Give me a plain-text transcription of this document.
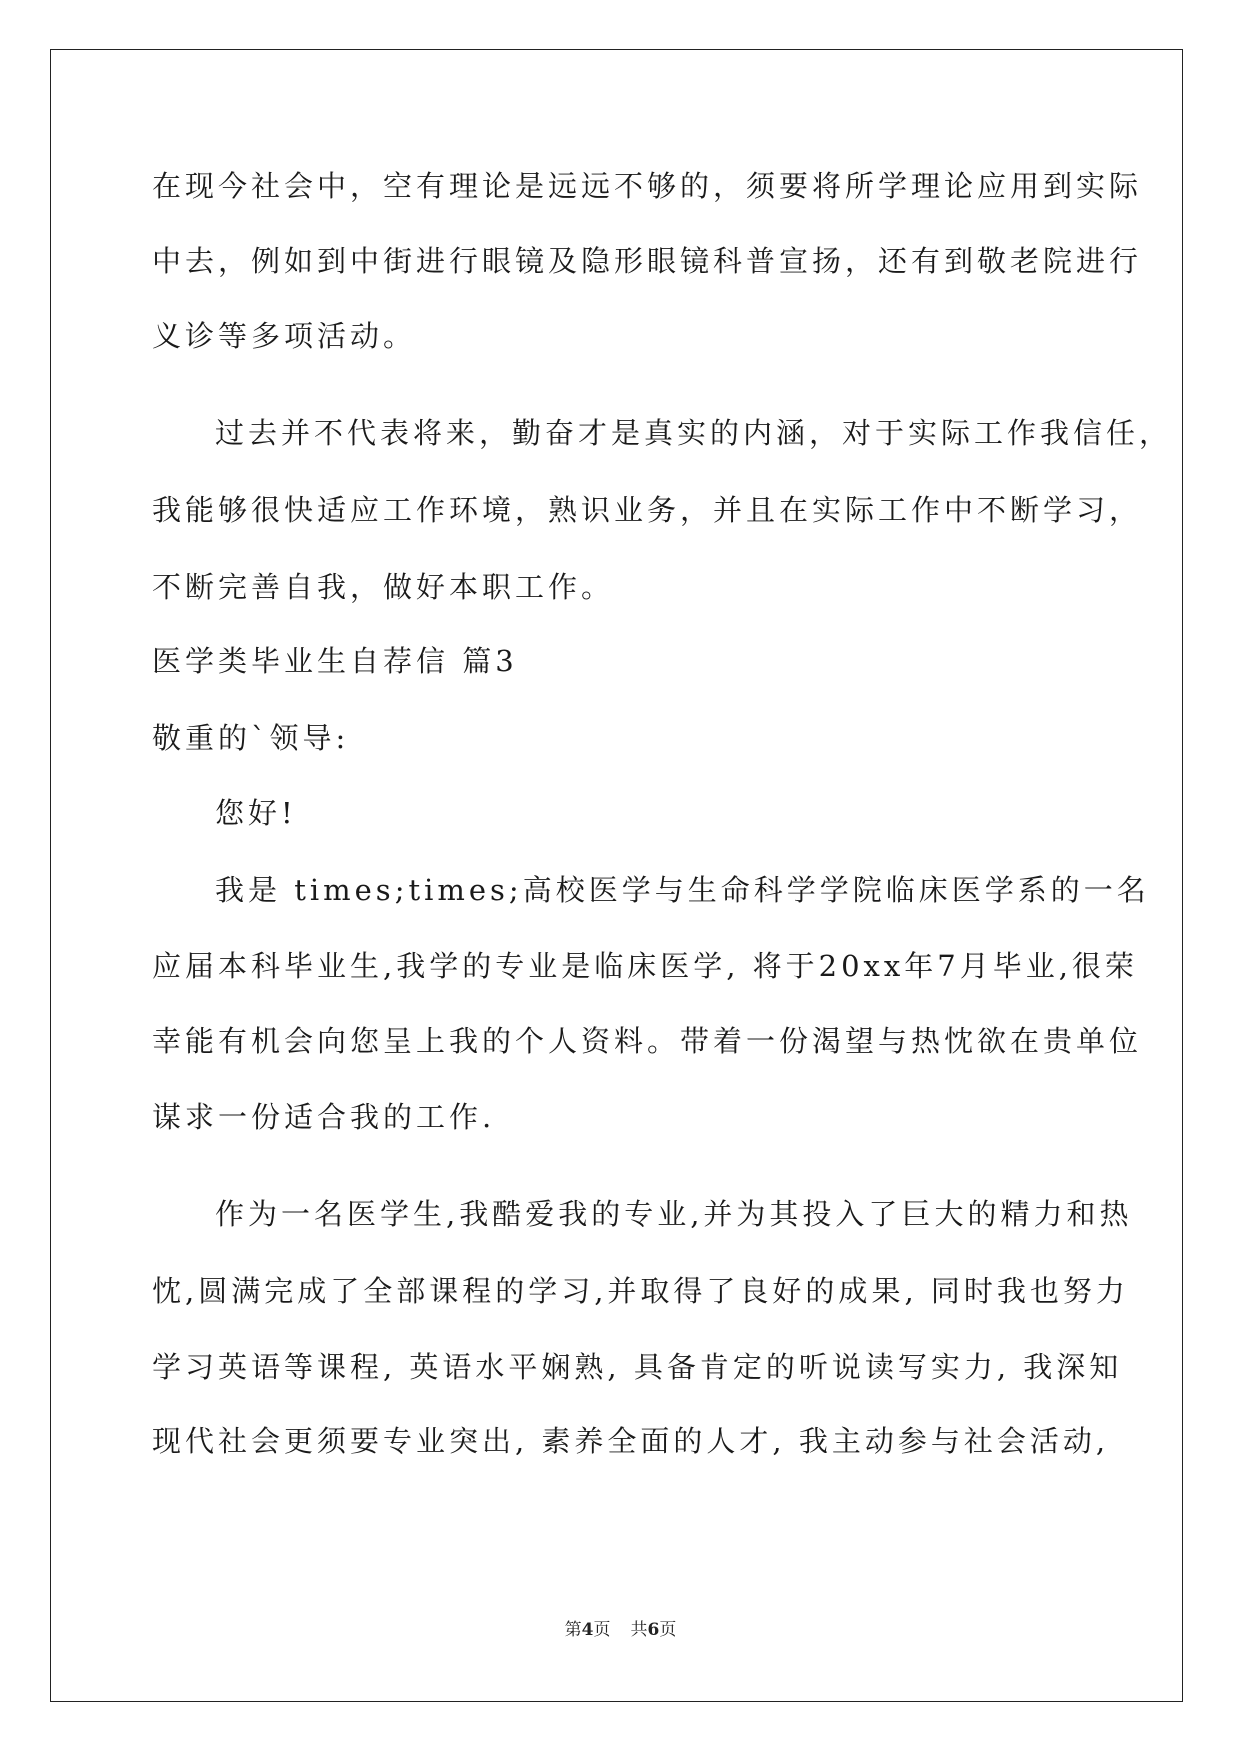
在现今社会中，空有理论是远远不够的，须要将所学理论应用到实际
中去，例如到中街进行眼镜及隐形眼镜科普宣扬，还有到敬老院进行
义诊等多项活动。
过去并不代表将来，勤奋才是真实的内涵，对于实际工作我信任，
我能够很快适应工作环境，熟识业务，并且在实际工作中不断学习，
不断完善自我，做好本职工作。
医学类毕业生自荐信 篇3
敬重的`领导:
您好!
我是 times;times;高校医学与生命科学学院临床医学系的一名
应届本科毕业生,我学的专业是临床医学, 将于20xx年7月毕业,很荣
幸能有机会向您呈上我的个人资料。带着一份渴望与热忱欲在贵单位
谋求一份适合我的工作.
作为一名医学生,我酷爱我的专业,并为其投入了巨大的精力和热
忱,圆满完成了全部课程的学习,并取得了良好的成果, 同时我也努力
学习英语等课程, 英语水平娴熟, 具备肯定的听说读写实力, 我深知
现代社会更须要专业突出, 素养全面的人才, 我主动参与社会活动,
第4页 共6页
